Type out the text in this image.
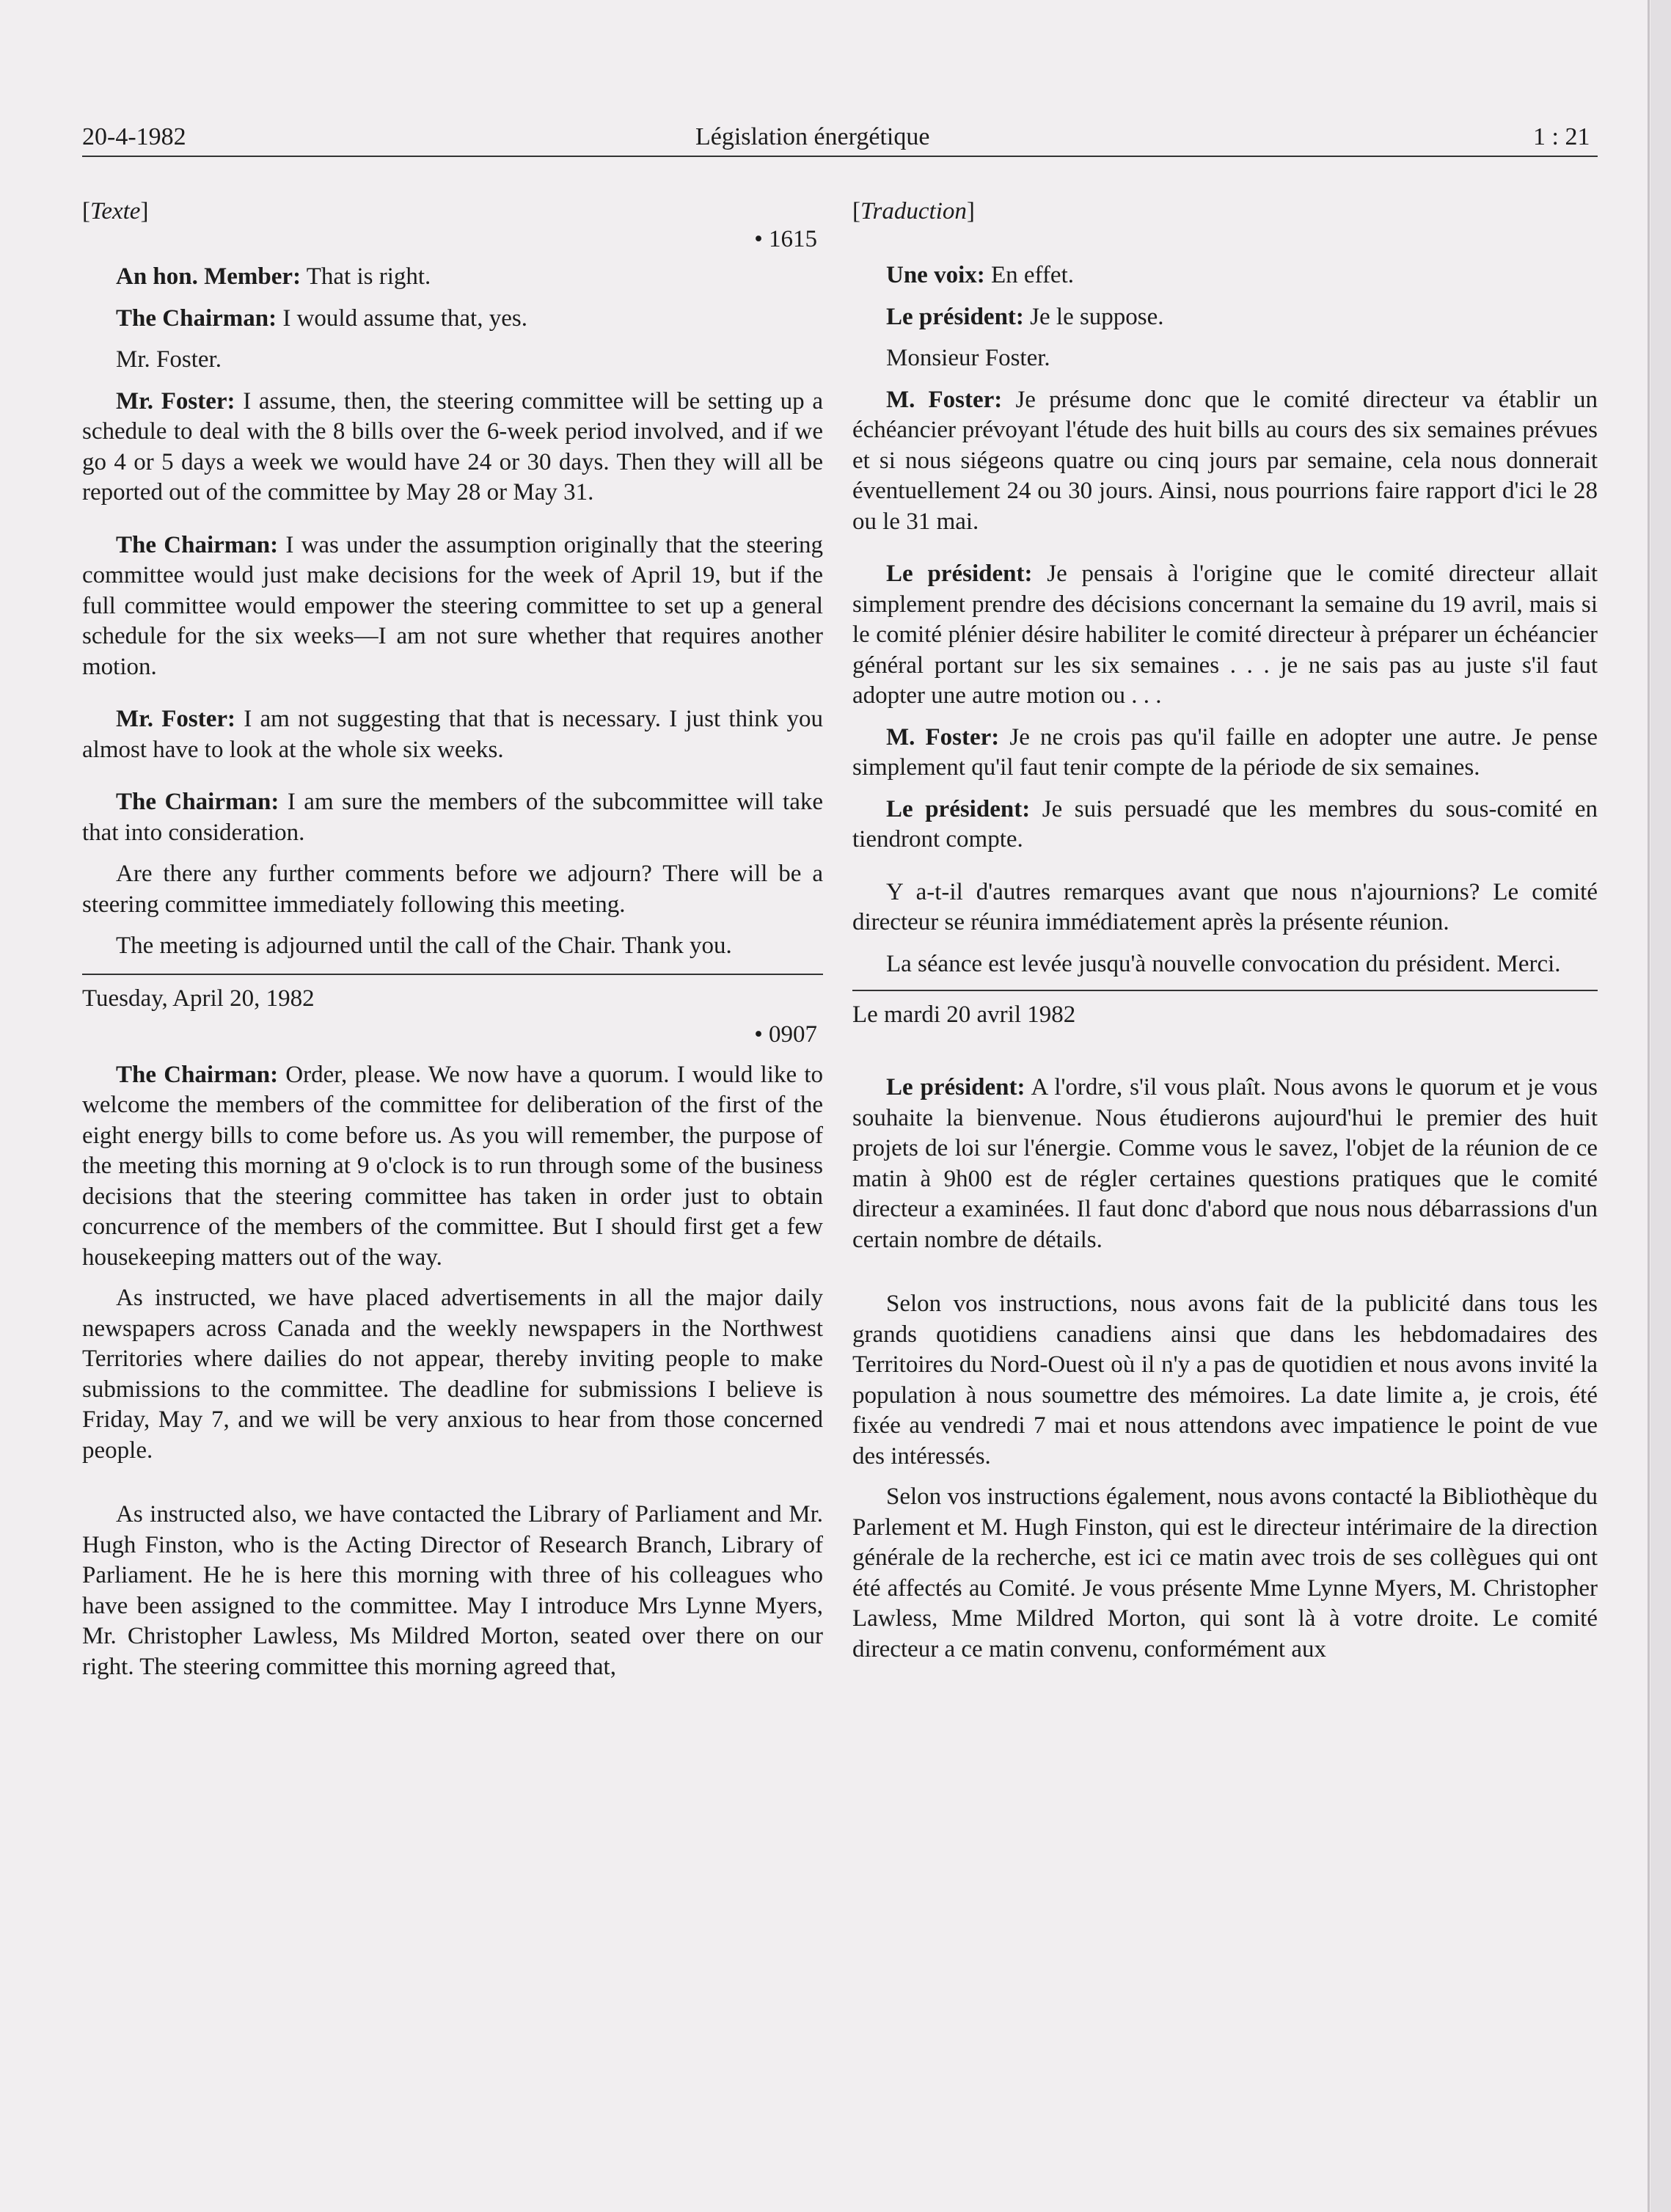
20-4-1982	Législation énergétique	1 : 21
[Texte]
• 1615

An hon. Member: That is right.

The Chairman: I would assume that, yes.

Mr. Foster.

Mr. Foster: I assume, then, the steering committee will be setting up a schedule to deal with the 8 bills over the 6-week period involved, and if we go 4 or 5 days a week we would have 24 or 30 days. Then they will all be reported out of the committee by May 28 or May 31.

The Chairman: I was under the assumption originally that the steering committee would just make decisions for the week of April 19, but if the full committee would empower the steering committee to set up a general schedule for the six weeks—I am not sure whether that requires another motion.

Mr. Foster: I am not suggesting that that is necessary. I just think you almost have to look at the whole six weeks.

The Chairman: I am sure the members of the subcommittee will take that into consideration.

Are there any further comments before we adjourn? There will be a steering committee immediately following this meeting.

The meeting is adjourned until the call of the Chair. Thank you.

Tuesday, April 20, 1982
• 0907

The Chairman: Order, please. We now have a quorum. I would like to welcome the members of the committee for deliberation of the first of the eight energy bills to come before us. As you will remember, the purpose of the meeting this morning at 9 o'clock is to run through some of the business decisions that the steering committee has taken in order just to obtain concurrence of the members of the committee. But I should first get a few housekeeping matters out of the way.

As instructed, we have placed advertisements in all the major daily newspapers across Canada and the weekly newspapers in the Northwest Territories where dailies do not appear, thereby inviting people to make submissions to the committee. The deadline for submissions I believe is Friday, May 7, and we will be very anxious to hear from those concerned people.

As instructed also, we have contacted the Library of Parliament and Mr. Hugh Finston, who is the Acting Director of Research Branch, Library of Parliament. He he is here this morning with three of his colleagues who have been assigned to the committee. May I introduce Mrs Lynne Myers, Mr. Christopher Lawless, Ms Mildred Morton, seated over there on our right. The steering committee this morning agreed that,

[Traduction]

Une voix: En effet.

Le président: Je le suppose.

Monsieur Foster.

M. Foster: Je présume donc que le comité directeur va établir un échéancier prévoyant l'étude des huit bills au cours des six semaines prévues et si nous siégeons quatre ou cinq jours par semaine, cela nous donnerait éventuellement 24 ou 30 jours. Ainsi, nous pourrions faire rapport d'ici le 28 ou le 31 mai.

Le président: Je pensais à l'origine que le comité directeur allait simplement prendre des décisions concernant la semaine du 19 avril, mais si le comité plénier désire habiliter le comité directeur à préparer un échéancier général portant sur les six semaines . . . je ne sais pas au juste s'il faut adopter une autre motion ou . . .

M. Foster: Je ne crois pas qu'il faille en adopter une autre. Je pense simplement qu'il faut tenir compte de la période de six semaines.

Le président: Je suis persuadé que les membres du sous-comité en tiendront compte.

Y a-t-il d'autres remarques avant que nous n'ajournions? Le comité directeur se réunira immédiatement après la présente réunion.

La séance est levée jusqu'à nouvelle convocation du président. Merci.

Le mardi 20 avril 1982

Le président: A l'ordre, s'il vous plaît. Nous avons le quorum et je vous souhaite la bienvenue. Nous étudierons aujourd'hui le premier des huit projets de loi sur l'énergie. Comme vous le savez, l'objet de la réunion de ce matin à 9h00 est de régler certaines questions pratiques que le comité directeur a examinées. Il faut donc d'abord que nous nous débarrassions d'un certain nombre de détails.

Selon vos instructions, nous avons fait de la publicité dans tous les grands quotidiens canadiens ainsi que dans les hebdomadaires des Territoires du Nord-Ouest où il n'y a pas de quotidien et nous avons invité la population à nous soumettre des mémoires. La date limite a, je crois, été fixée au vendredi 7 mai et nous attendons avec impatience le point de vue des intéressés.

Selon vos instructions également, nous avons contacté la Bibliothèque du Parlement et M. Hugh Finston, qui est le directeur intérimaire de la direction générale de la recherche, est ici ce matin avec trois de ses collègues qui ont été affectés au Comité. Je vous présente Mme Lynne Myers, M. Christopher Lawless, Mme Mildred Morton, qui sont là à votre droite. Le comité directeur a ce matin convenu, conformément aux
